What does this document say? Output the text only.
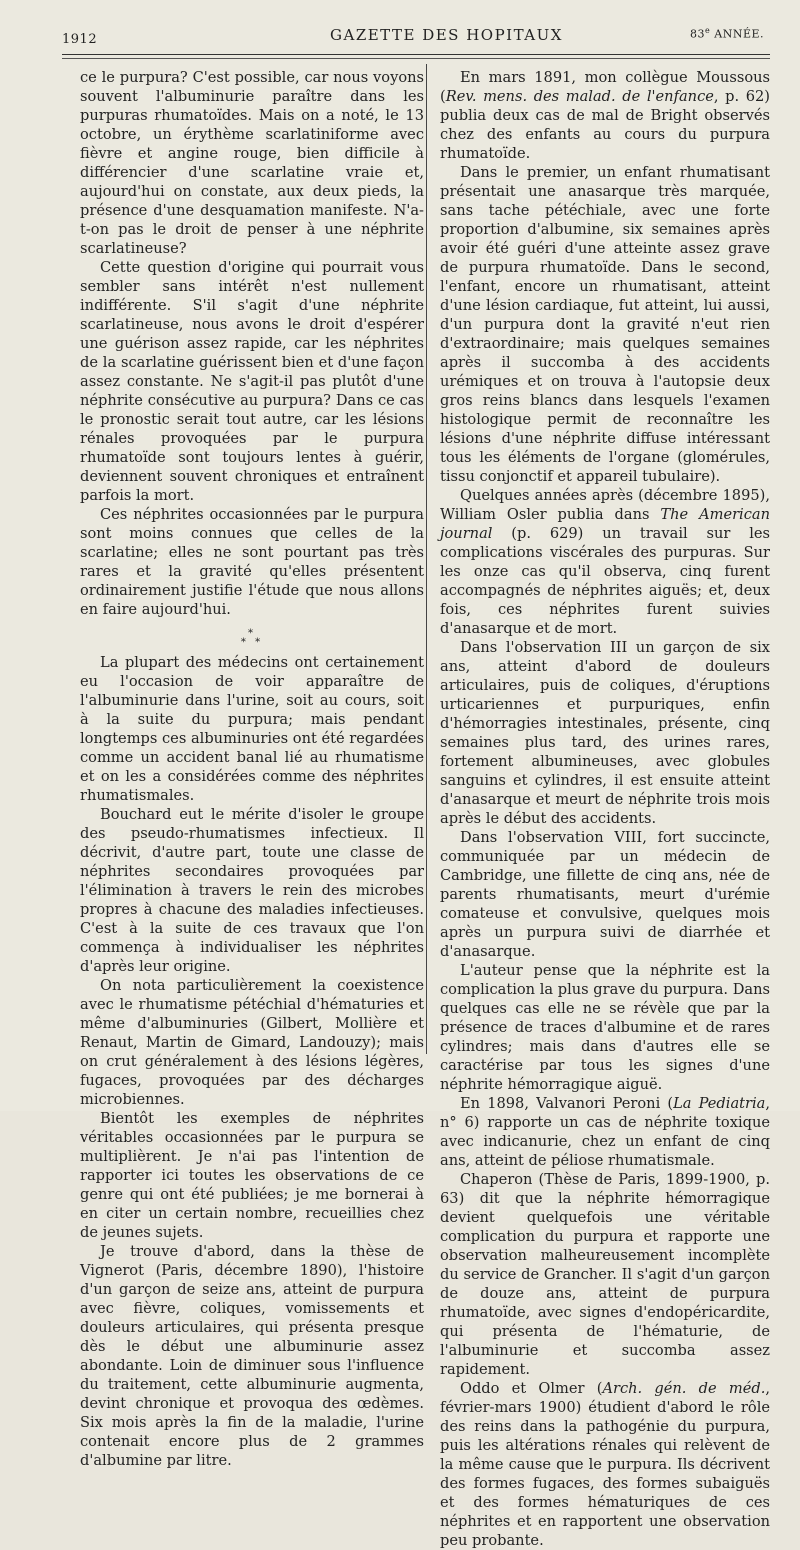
1912	GAZETTE DES HOPITAUX	83e ANNÉE.

ce le purpura? C'est possible, car nous voyons souvent l'albuminurie paraître dans les purpuras rhumatoïdes. Mais on a noté, le 13 octobre, un érythème scarlatiniforme avec fièvre et angine rouge, bien difficile à différencier d'une scarlatine vraie et, aujourd'hui on constate, aux deux pieds, la présence d'une desquamation manifeste. N'a-t-on pas le droit de penser à une néphrite scarlatineuse?

Cette question d'origine qui pourrait vous sembler sans intérêt n'est nullement indifférente. S'il s'agit d'une néphrite scarlatineuse, nous avons le droit d'espérer une guérison assez rapide, car les néphrites de la scarlatine guérissent bien et d'une façon assez constante. Ne s'agit-il pas plutôt d'une néphrite consécutive au purpura? Dans ce cas le pronostic serait tout autre, car les lésions rénales provoquées par le purpura rhumatoïde sont toujours lentes à guérir, deviennent souvent chroniques et entraînent parfois la mort.

Ces néphrites occasionnées par le purpura sont moins connues que celles de la scarlatine; elles ne sont pourtant pas très rares et la gravité qu'elles présentent ordinairement justifie l'étude que nous allons en faire aujourd'hui.

*
* *

La plupart des médecins ont certainement eu l'occasion de voir apparaître de l'albuminurie dans l'urine, soit au cours, soit à la suite du purpura; mais pendant longtemps ces albuminuries ont été regardées comme un accident banal lié au rhumatisme et on les a considérées comme des néphrites rhumatismales.

Bouchard eut le mérite d'isoler le groupe des pseudo-rhumatismes infectieux. Il décrivit, d'autre part, toute une classe de néphrites secondaires provoquées par l'élimination à travers le rein des microbes propres à chacune des maladies infectieuses. C'est à la suite de ces travaux que l'on commença à individualiser les néphrites d'après leur origine.

On nota particulièrement la coexistence avec le rhumatisme pétéchial d'hématuries et même d'albuminuries (Gilbert, Mollière et Renaut, Martin de Gimard, Landouzy); mais on crut généralement à des lésions légères, fugaces, provoquées par des décharges microbiennes.

Bientôt les exemples de néphrites véritables occasionnées par le purpura se multiplièrent. Je n'ai pas l'intention de rapporter ici toutes les observations de ce genre qui ont été publiées; je me bornerai à en citer un certain nombre, recueillies chez de jeunes sujets.

Je trouve d'abord, dans la thèse de Vignerot (Paris, décembre 1890), l'histoire d'un garçon de seize ans, atteint de purpura avec fièvre, coliques, vomissements et douleurs articulaires, qui présenta presque dès le début une albuminurie assez abondante. Loin de diminuer sous l'influence du traitement, cette albuminurie augmenta, devint chronique et provoqua des œdèmes. Six mois après la fin de la maladie, l'urine contenait encore plus de 2 grammes d'albumine par litre.

En mars 1891, mon collègue Moussous (Rev. mens. des malad. de l'enfance, p. 62) publia deux cas de mal de Bright observés chez des enfants au cours du purpura rhumatoïde.

Dans le premier, un enfant rhumatisant présentait une anasarque très marquée, sans tache pétéchiale, avec une forte proportion d'albumine, six semaines après avoir été guéri d'une atteinte assez grave de purpura rhumatoïde. Dans le second, l'enfant, encore un rhumatisant, atteint d'une lésion cardiaque, fut atteint, lui aussi, d'un purpura dont la gravité n'eut rien d'extraordinaire; mais quelques semaines après il succomba à des accidents urémiques et on trouva à l'autopsie deux gros reins blancs dans lesquels l'examen histologique permit de reconnaître les lésions d'une néphrite diffuse intéressant tous les éléments de l'organe (glomérules, tissu conjonctif et appareil tubulaire).

Quelques années après (décembre 1895), William Osler publia dans The American journal (p. 629) un travail sur les complications viscérales des purpuras. Sur les onze cas qu'il observa, cinq furent accompagnés de néphrites aiguës; et, deux fois, ces néphrites furent suivies d'anasarque et de mort.

Dans l'observation III un garçon de six ans, atteint d'abord de douleurs articulaires, puis de coliques, d'éruptions urticariennes et purpuriques, enfin d'hémorragies intestinales, présente, cinq semaines plus tard, des urines rares, fortement albumineuses, avec globules sanguins et cylindres, il est ensuite atteint d'anasarque et meurt de néphrite trois mois après le début des accidents.

Dans l'observation VIII, fort succincte, communiquée par un médecin de Cambridge, une fillette de cinq ans, née de parents rhumatisants, meurt d'urémie comateuse et convulsive, quelques mois après un purpura suivi de diarrhée et d'anasarque.

L'auteur pense que la néphrite est la complication la plus grave du purpura. Dans quelques cas elle ne se révèle que par la présence de traces d'albumine et de rares cylindres; mais dans d'autres elle se caractérise par tous les signes d'une néphrite hémorragique aiguë.

En 1898, Valvanori Peroni (La Pediatria, n° 6) rapporte un cas de néphrite toxique avec indicanurie, chez un enfant de cinq ans, atteint de péliose rhumatismale.

Chaperon (Thèse de Paris, 1899-1900, p. 63) dit que la néphrite hémorragique devient quelquefois une véritable complication du purpura et rapporte une observation malheureusement incomplète du service de Grancher. Il s'agit d'un garçon de douze ans, atteint de purpura rhumatoïde, avec signes d'endopéricardite, qui présenta de l'hématurie, de l'albuminurie et succomba assez rapidement.

Oddo et Olmer (Arch. gén. de méd., février-mars 1900) étudient d'abord le rôle des reins dans la pathogénie du purpura, puis les altérations rénales qui relèvent de la même cause que le purpura. Ils décrivent des formes fugaces, des formes subaiguës et des formes hématuriques de ces néphrites et en rapportent une observation peu probante.
